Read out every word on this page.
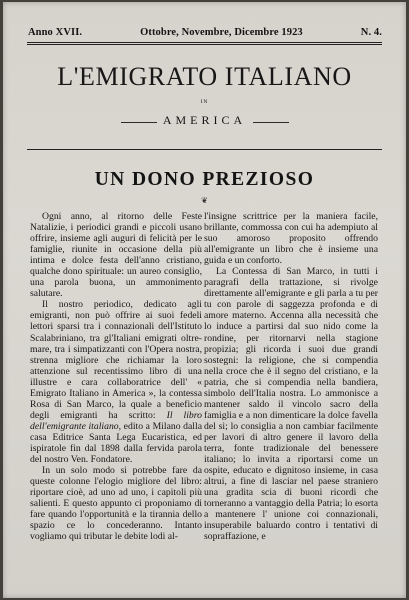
Anno XVII.	Ottobre, Novembre, Dicembre 1923	N. 4.
L'EMIGRATO ITALIANO
IN
AMERICA
UN DONO PREZIOSO
❦

Ogni anno, al ritorno delle Feste Natalizie, i periodici grandi e piccoli usano offrire, insieme agli auguri di felicità per le famiglie, riunite in occasione della più intima e dolce festa dell'anno cristiano, qualche dono spirituale: un aureo consiglio, una parola buona, un ammonimento salutare.

Il nostro periodico, dedicato agli emigranti, non può offrire ai suoi fedeli lettori sparsi tra i connazionali dell'Istituto Scalabriniano, tra gl'Italiani emigrati oltre-mare, tra i simpatizzanti con l'Opera nostra, strenna migliore che richiamar la loro attenzione sul recentissimo libro di una illustre e cara collaboratrice dell' « Emigrato Italiano in America », la contessa Rosa di San Marco, la quale a beneficio degli emigranti ha scritto: Il libro dell'emigrante italiano, edito a Milano dalla casa Editrice Santa Lega Eucaristica, ed ispiratole fin dal 1898 dalla fervida parola del nostro Ven. Fondatore.

In un solo modo si potrebbe fare da queste colonne l'elogio migliore del libro: riportare cioè, ad uno ad uno, i capitoli più salienti. E questo appunto ci proponiamo di fare quando l'opportunità e la tirannia dello spazio ce lo concederanno. Intanto vogliamo qui tributar le debite lodi al-

l'insigne scrittrice per la maniera facile, brillante, commossa con cui ha adempiuto al suo amoroso proposito offrendo all'emigrante un libro che è insieme una guida e un conforto.

La Contessa di San Marco, in tutti i paragrafi della trattazione, si rivolge direttamente all'emigrante e gli parla a tu per tu con parole di saggezza profonda e di amore materno. Accenna alla necessità che lo induce a partirsi dal suo nido come la rondine, per ritornarvi nella stagione propizia; gli ricorda i suoi due grandi sostegni: la religione, che si compendia nella croce che è il segno del cristiano, e la patria, che si compendia nella bandiera, simbolo dell'Italia nostra. Lo ammonisce a mantener saldo il vincolo sacro della famiglia e a non dimenticare la dolce favella del sì; lo consiglia a non cambiar facilmente per lavori di altro genere il lavoro della terra, fonte tradizionale del benessere italiano; lo invita a riportarsi come un ospite, educato e dignitoso insieme, in casa altrui, a fine di lasciar nel paese straniero una gradita scia di buoni ricordi che torneranno a vantaggio della Patria; lo esorta a mantenere l' unione coi connazionali, insuperabile baluardo contro i tentativi di sopraffazione, e
